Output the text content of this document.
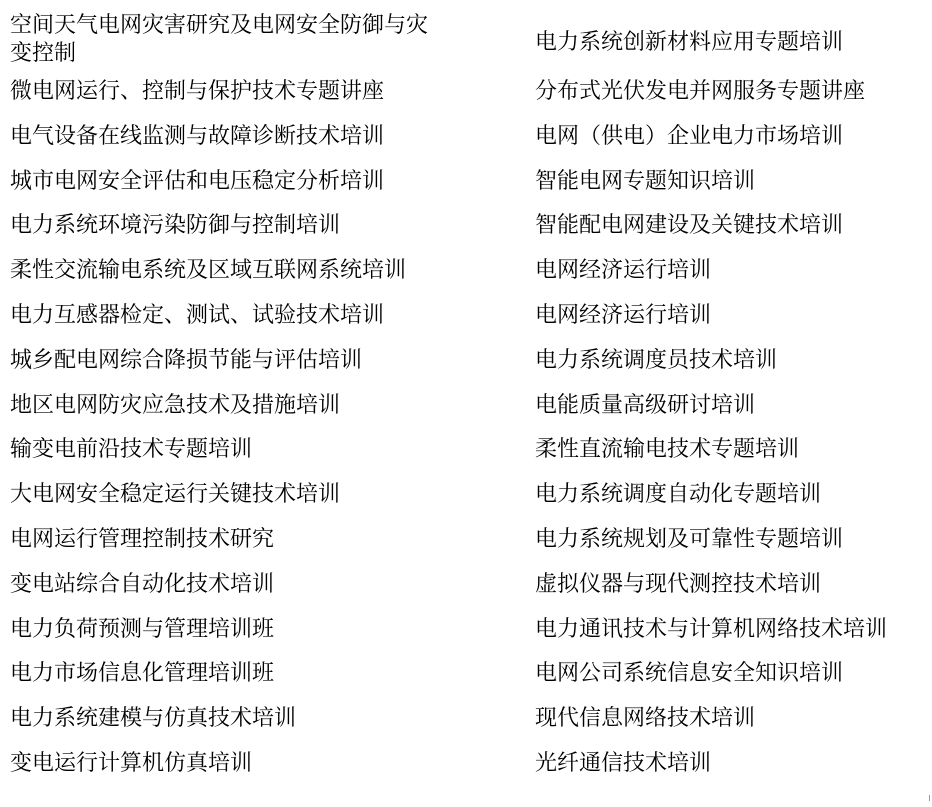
空间天气电网灾害研究及电网安全防御与灾变控制	电力系统创新材料应用专题培训
微电网运行、控制与保护技术专题讲座	分布式光伏发电并网服务专题讲座
电气设备在线监测与故障诊断技术培训	电网（供电）企业电力市场培训
城市电网安全评估和电压稳定分析培训	智能电网专题知识培训
电力系统环境污染防御与控制培训	智能配电网建设及关键技术培训
柔性交流输电系统及区域互联网系统培训	电网经济运行培训
电力互感器检定、测试、试验技术培训	电网经济运行培训
城乡配电网综合降损节能与评估培训	电力系统调度员技术培训
地区电网防灾应急技术及措施培训	电能质量高级研讨培训
输变电前沿技术专题培训	柔性直流输电技术专题培训
大电网安全稳定运行关键技术培训	电力系统调度自动化专题培训
电网运行管理控制技术研究	电力系统规划及可靠性专题培训
变电站综合自动化技术培训	虚拟仪器与现代测控技术培训
电力负荷预测与管理培训班	电力通讯技术与计算机网络技术培训
电力市场信息化管理培训班	电网公司系统信息安全知识培训
电力系统建模与仿真技术培训	现代信息网络技术培训
变电运行计算机仿真培训	光纤通信技术培训
